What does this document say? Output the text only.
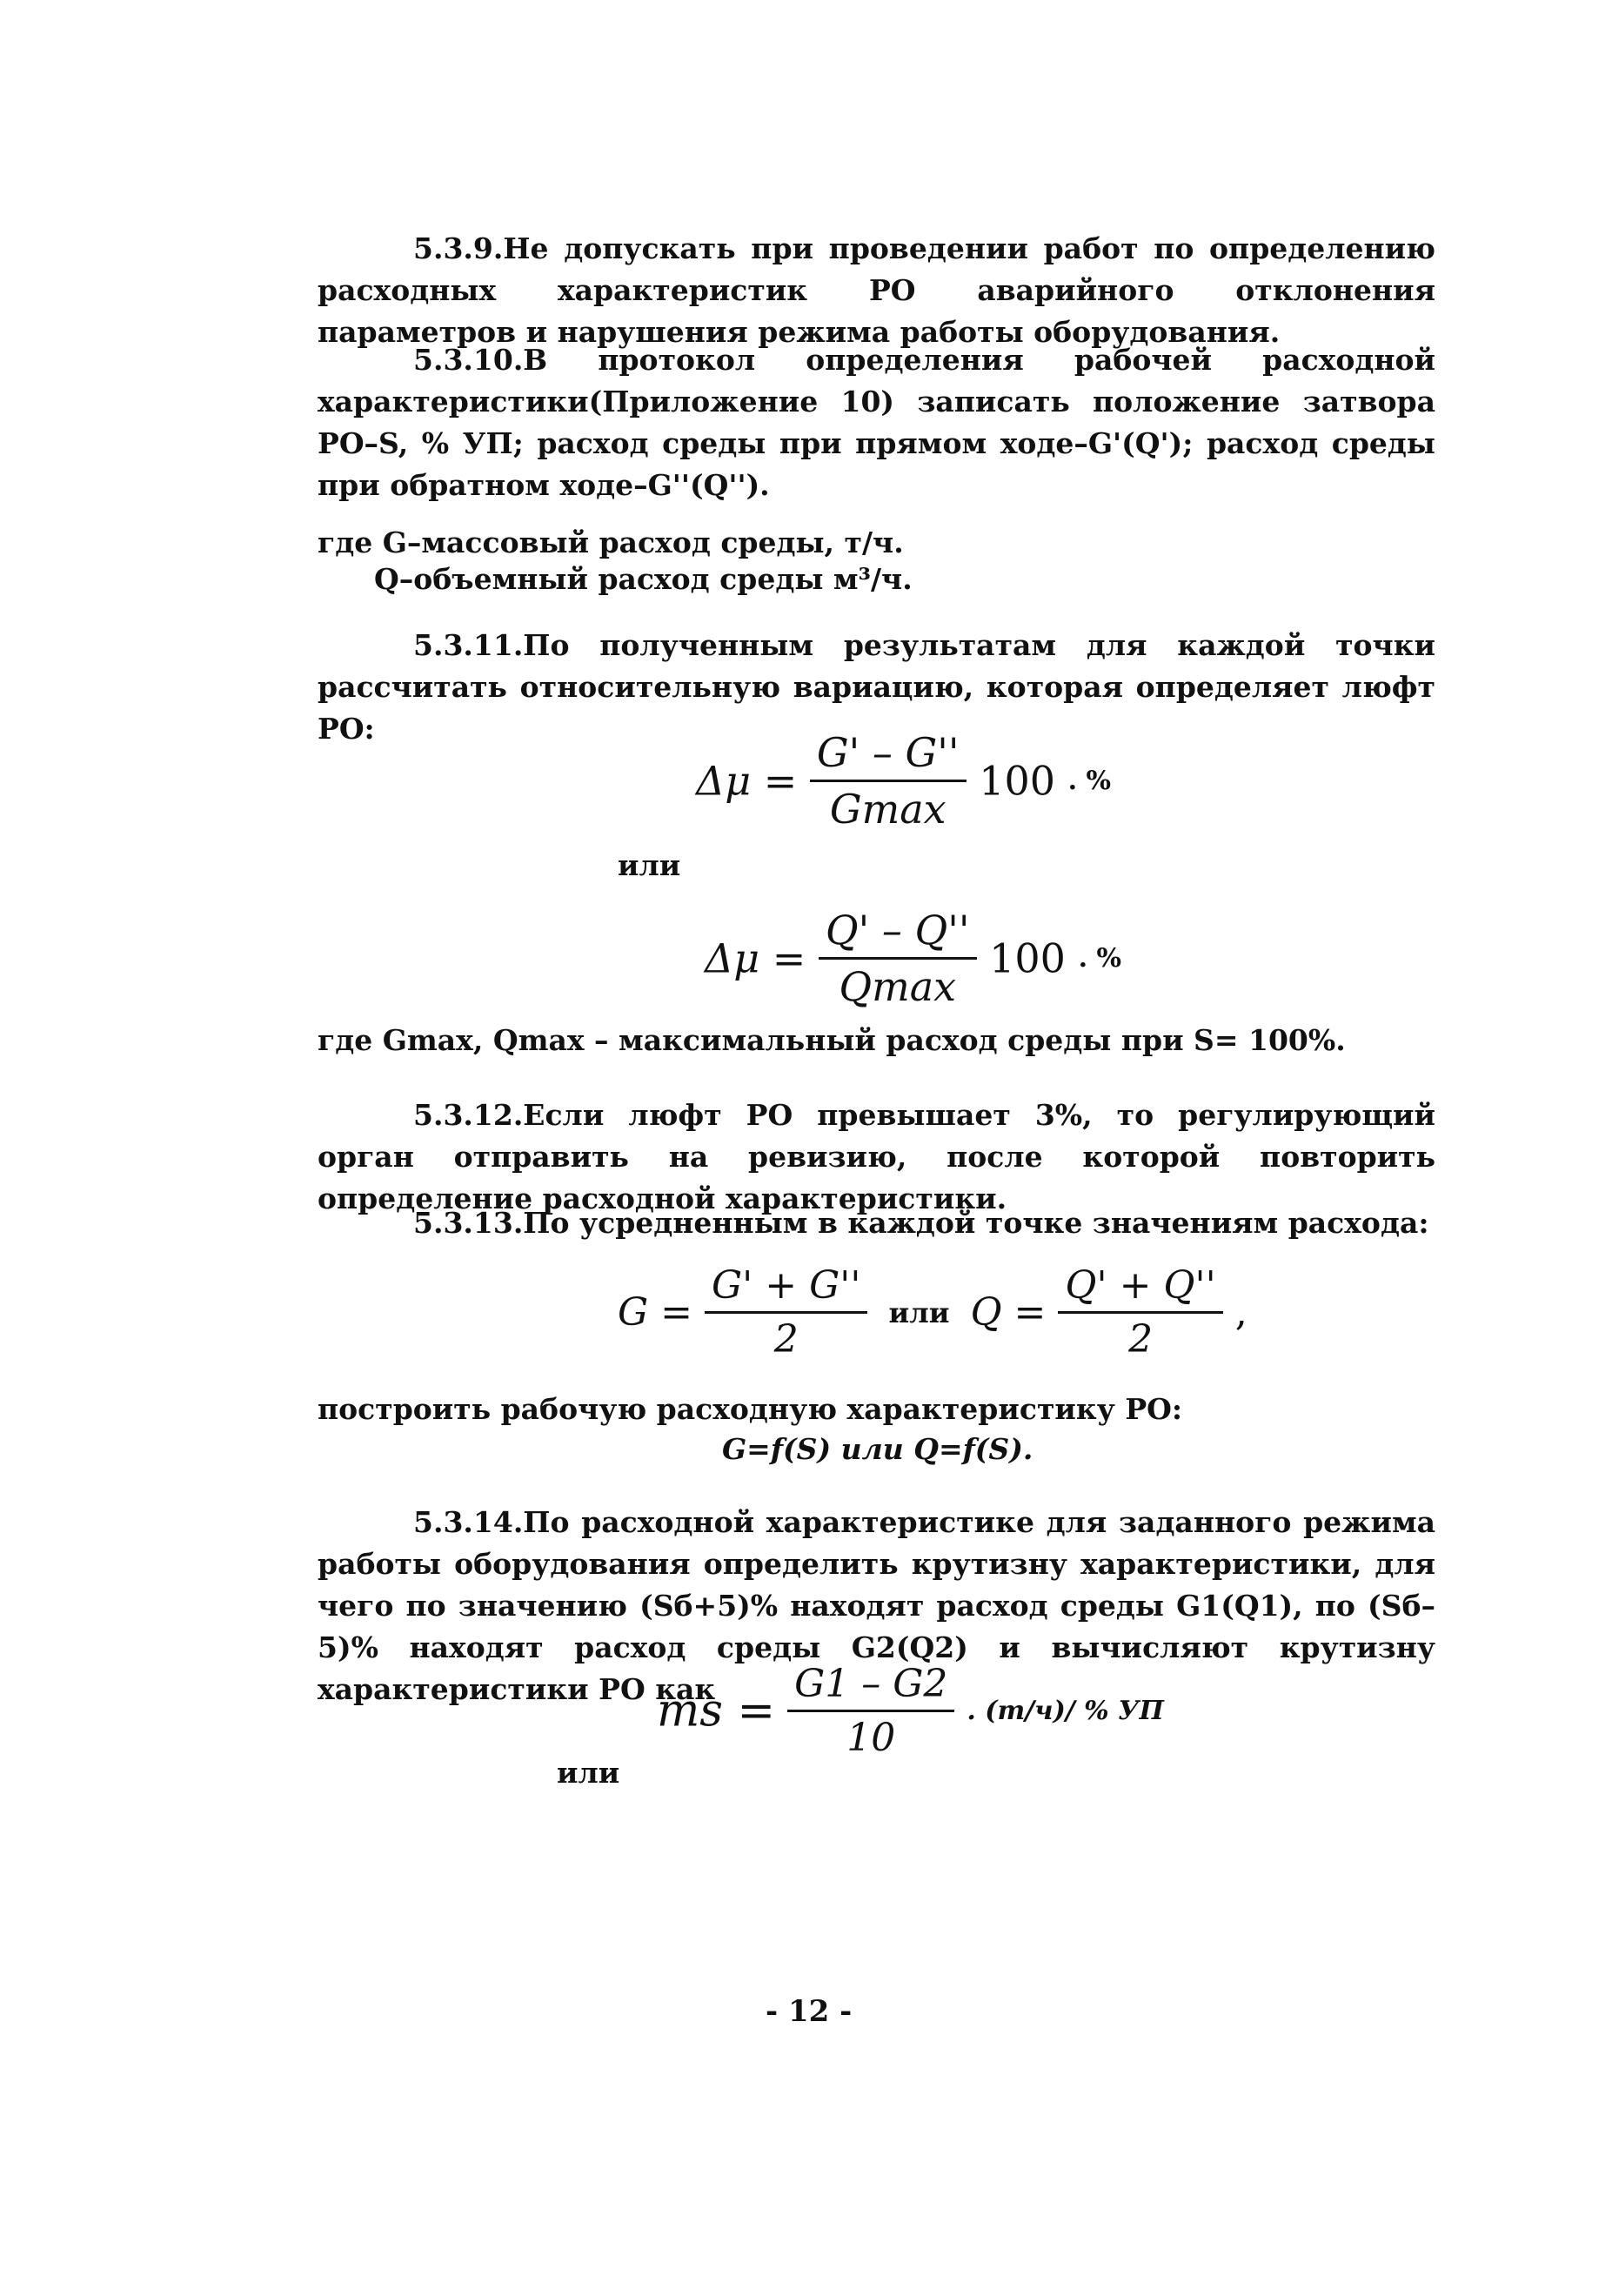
5.3.9.Не допускать при проведении работ по определению расходных характеристик РО аварийного отклонения параметров и нарушения режима работы оборудования.
5.3.10.В протокол определения рабочей расходной характеристики(Приложение 10) записать положение затвора РО–S, % УП; расход среды при прямом ходе–G'(Q'); расход среды при обратном ходе–G''(Q'').
где G–массовый расход среды, т/ч.
Q–объемный расход среды м³/ч.
5.3.11.По полученным результатам для каждой точки рассчитать относительную вариацию, которая определяет люфт РО:
$\Delta\mu = \frac{G' - G''}{Gmax} 100$ . %
или
$\Delta\mu = \frac{Q' - Q''}{Qmax} 100$ . %
где Gmax, Qmax – максимальный расход среды при S= 100%.
5.3.12.Если люфт РО превышает 3%, то регулирующий орган отправить на ревизию, после которой повторить определение расходной характеристики.
5.3.13.По усредненным в каждой точке значениям расхода:
$G = \frac{G' + G''}{2}$ или $Q = \frac{Q' + Q''}{2}$ ,
построить рабочую расходную характеристику РО:
G=f(S) или Q=f(S).
5.3.14.По расходной характеристике для заданного режима работы оборудования определить крутизну характеристики, для чего по значению (Sб+5)% находят расход среды G1(Q1), по (Sб–5)% находят расход среды G2(Q2) и вычисляют крутизну характеристики РО как
ms = $\frac{G1 - G2}{10}$ . (т/ч)/ % УП
или
- 12 -
